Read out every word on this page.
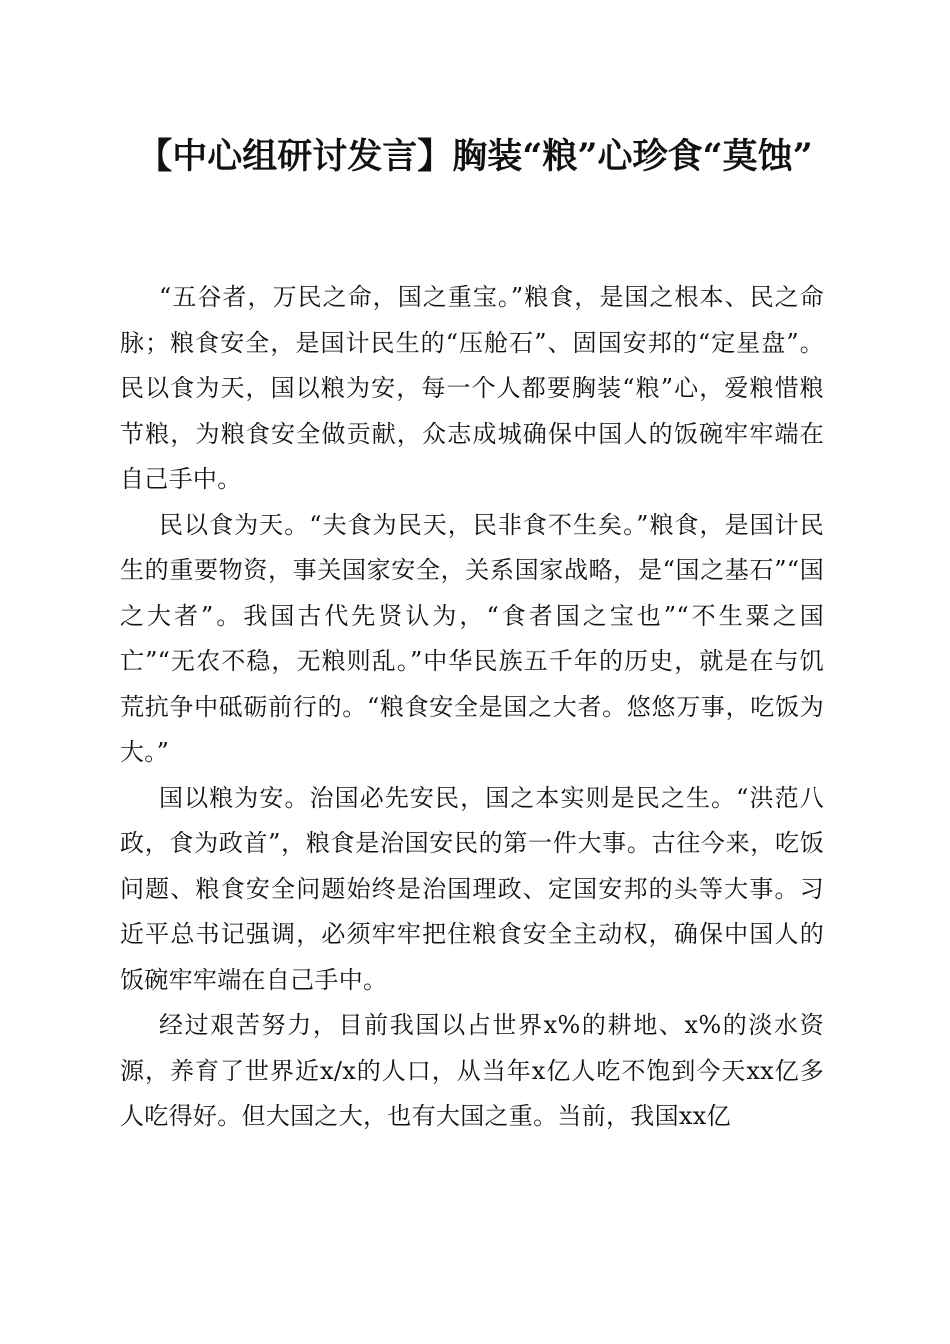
【中心组研讨发言】胸装“粮”心珍食“莫蚀”

“五谷者，万民之命，国之重宝。”粮食，是国之根本、民之命脉；粮食安全，是国计民生的“压舱石”、固国安邦的“定星盘”。民以食为天，国以粮为安，每一个人都要胸装“粮”心，爱粮惜粮节粮，为粮食安全做贡献，众志成城确保中国人的饭碗牢牢端在自己手中。

民以食为天。“夫食为民天，民非食不生矣。”粮食，是国计民生的重要物资，事关国家安全，关系国家战略，是“国之基石”“国之大者”。我国古代先贤认为，“食者国之宝也”“不生粟之国亡”“无农不稳，无粮则乱。”中华民族五千年的历史，就是在与饥荒抗争中砥砺前行的。“粮食安全是国之大者。悠悠万事，吃饭为大。”

国以粮为安。治国必先安民，国之本实则是民之生。“洪范八政，食为政首”，粮食是治国安民的第一件大事。古往今来，吃饭问题、粮食安全问题始终是治国理政、定国安邦的头等大事。习近平总书记强调，必须牢牢把住粮食安全主动权，确保中国人的饭碗牢牢端在自己手中。

经过艰苦努力，目前我国以占世界x%的耕地、x%的淡水资源，养育了世界近x/x的人口，从当年x亿人吃不饱到今天xx亿多人吃得好。但大国之大，也有大国之重。当前，我国xx亿
